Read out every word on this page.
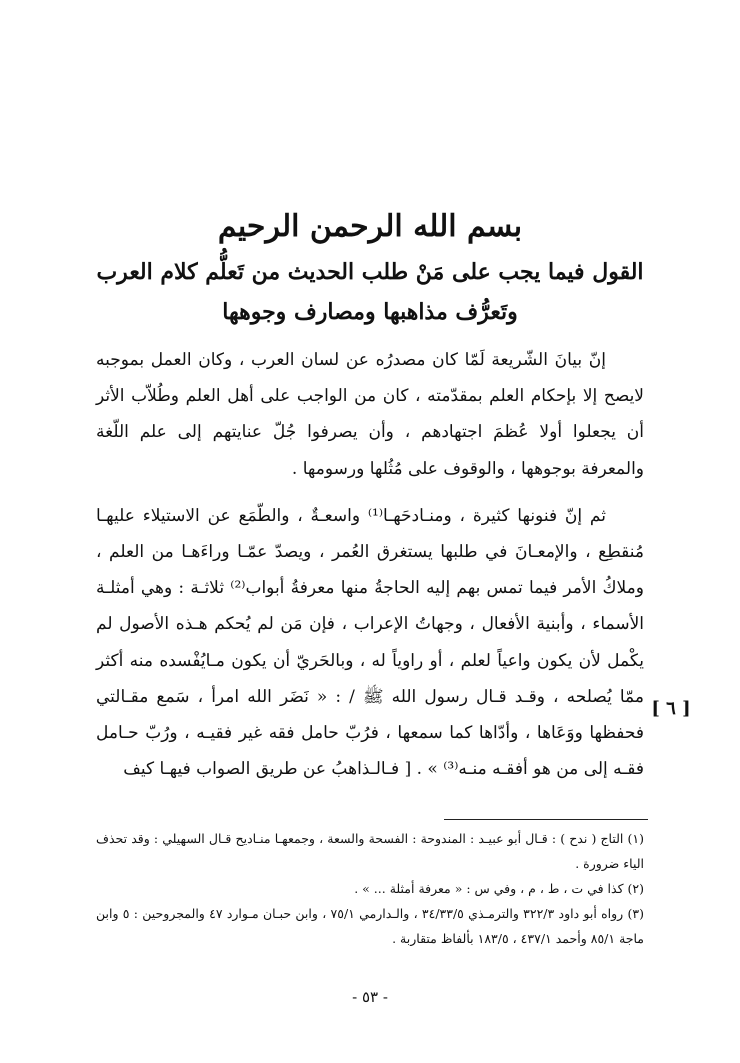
بسم الله الرحمن الرحيم
القول فيما يجب على مَنْ طلب الحديث من تَعلُّم كلام العرب وتَعرُّف مذاهبها ومصارف وجوهها

إنّ بيانَ الشّريعة لَمّا كان مصدرُه عن لسان العرب ، وكان العمل بموجبه لايصح إلا بإحكام العلم بمقدّمته ، كان من الواجب على أهل العلم وطُلاّب الأثر أن يجعلوا أولا عُظمَ اجتهادهم ، وأن يصرفوا جُلّ عنايتهم إلى علم اللّغة والمعرفة بوجوهها ، والوقوف على مُثُلها ورسومها .

ثم إنّ فنونها كثيرة ، ومنـادحَهـا⁽¹⁾ واسعـةٌ ، والطّمَع عن الاستيلاء عليهـا مُنقطِع ، والإمعـانَ في طلبها يستغرق العُمر ، ويصدّ عمّـا وراءَهـا من العلم ، وملاكُ الأمر فيما تمس بهم إليه الحاجةُ منها معرفةُ أبواب⁽²⁾ ثلاثـة : وهي أمثلـة الأسماء ، وأبنية الأفعال ، وجهاتُ الإعراب ، فإن مَن لم يُحكم هـذه الأصول لم يكْمل لأن يكون واعياً لعلم ، أو راوياً له ، وبالحَريّ أن يكون مـايُفْسده منه أكثر ممّا يُصلحه ، وقـد قـال رسول الله ﷺ / : « نَضَر الله امرأ ، سَمع مقـالتي فحفظها ووَعَاها ، وأدّاها كما سمعها ، فرُبّ حامل فقه غير فقيـه ، ورُبّ حـامل فقـه إلى من هو أفقـه منـه⁽³⁾ » . [ فـالـذاهبُ عن طريق الصواب فيهـا كيف

[ ٦ ]

(١) التاج ( ندح ) : قـال أبو عبيـد : المندوحة : الفسحة والسعة ، وجمعهـا منـاديح قـال السهيلي : وقد تحذف الياء ضرورة .

(٢) كذا في ت ، ط ، م ، وفي س : « معرفة أمثلة ... » .

(٣) رواه أبو داود ٣٢٢/٣ والترمـذي ٣٤/٣٣/٥ ، والـدارمي ٧٥/١ ، وابن حبـان مـوارد ٤٧ والمجروحين : ٥ وابن ماجة ٨٥/١ وأحمد ٤٣٧/١ ، ١٨٣/٥ بألفاظ متقاربة .

- ٥٣ -
